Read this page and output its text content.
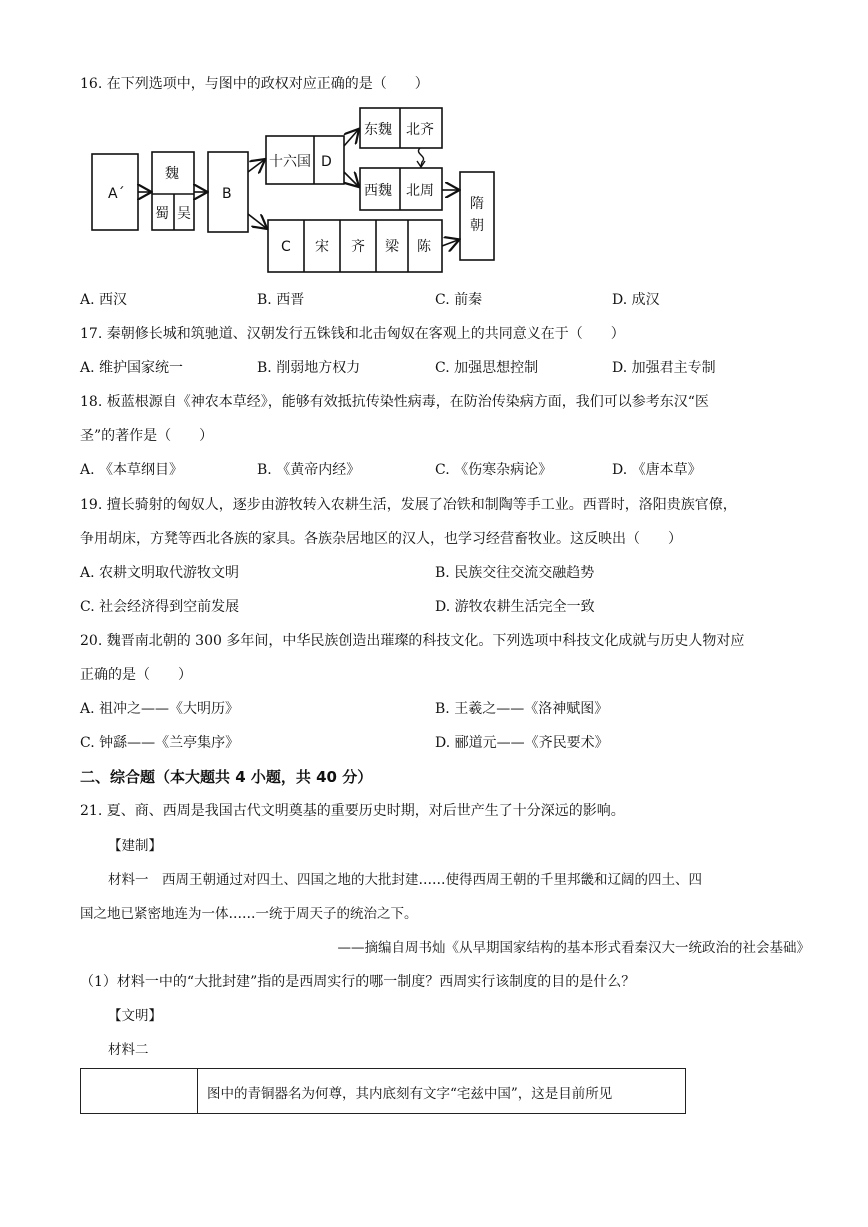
16. 在下列选项中，与图中的政权对应正确的是（　　）
A´
魏
蜀 吴
B
十六国 D
东魏 北齐
西魏 北周
C 宋 齐 梁 陈
隋
朝
A. 西汉	B. 西晋	C. 前秦	D. 成汉
17. 秦朝修长城和筑驰道、汉朝发行五铢钱和北击匈奴在客观上的共同意义在于（　　）
A. 维护国家统一	B. 削弱地方权力	C. 加强思想控制	D. 加强君主专制
18. 板蓝根源自《神农本草经》，能够有效抵抗传染性病毒，在防治传染病方面，我们可以参考东汉“医
圣”的著作是（　　）
A. 《本草纲目》	B. 《黄帝内经》	C. 《伤寒杂病论》	D. 《唐本草》
19. 擅长骑射的匈奴人，逐步由游牧转入农耕生活，发展了冶铁和制陶等手工业。西晋时，洛阳贵族官僚，
争用胡床，方凳等西北各族的家具。各族杂居地区的汉人，也学习经营畜牧业。这反映出（　　）
A. 农耕文明取代游牧文明	B. 民族交往交流交融趋势
C. 社会经济得到空前发展	D. 游牧农耕生活完全一致
20. 魏晋南北朝的 300 多年间，中华民族创造出璀璨的科技文化。下列选项中科技文化成就与历史人物对应
正确的是（　　）
A. 祖冲之——《大明历》	B. 王羲之——《洛神赋图》
C. 钟繇——《兰亭集序》	D. 郦道元——《齐民要术》
二、综合题（本大题共 4 小题，共 40 分）
21. 夏、商、西周是我国古代文明奠基的重要历史时期，对后世产生了十分深远的影响。
【建制】
材料一　西周王朝通过对四土、四国之地的大批封建……使得西周王朝的千里邦畿和辽阔的四土、四
国之地已紧密地连为一体……一统于周天子的统治之下。
——摘编自周书灿《从早期国家结构的基本形式看秦汉大一统政治的社会基础》
（1）材料一中的“大批封建”指的是西周实行的哪一制度？西周实行该制度的目的是什么？
【文明】
材料二
图中的青铜器名为何尊，其内底刻有文字“宅兹中国”，这是目前所见
